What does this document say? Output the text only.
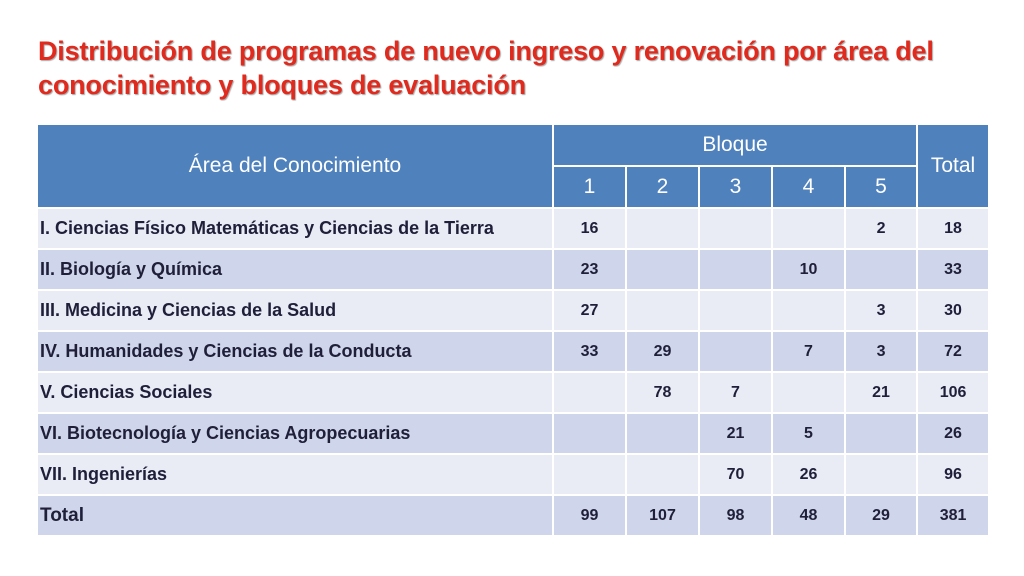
Distribución de programas de nuevo ingreso y renovación por área del conocimiento y bloques de evaluación
Área del Conocimiento	Bloque					Total
	1	2	3	4	5	
I. Ciencias Físico Matemáticas y Ciencias de la Tierra	16				2	18
II. Biología y Química	23			10		33
III. Medicina y Ciencias de la Salud	27				3	30
IV. Humanidades y Ciencias de la Conducta	33	29		7	3	72
V. Ciencias Sociales		78	7		21	106
VI. Biotecnología y Ciencias Agropecuarias			21	5		26
VII. Ingenierías			70	26		96
Total	99	107	98	48	29	381
